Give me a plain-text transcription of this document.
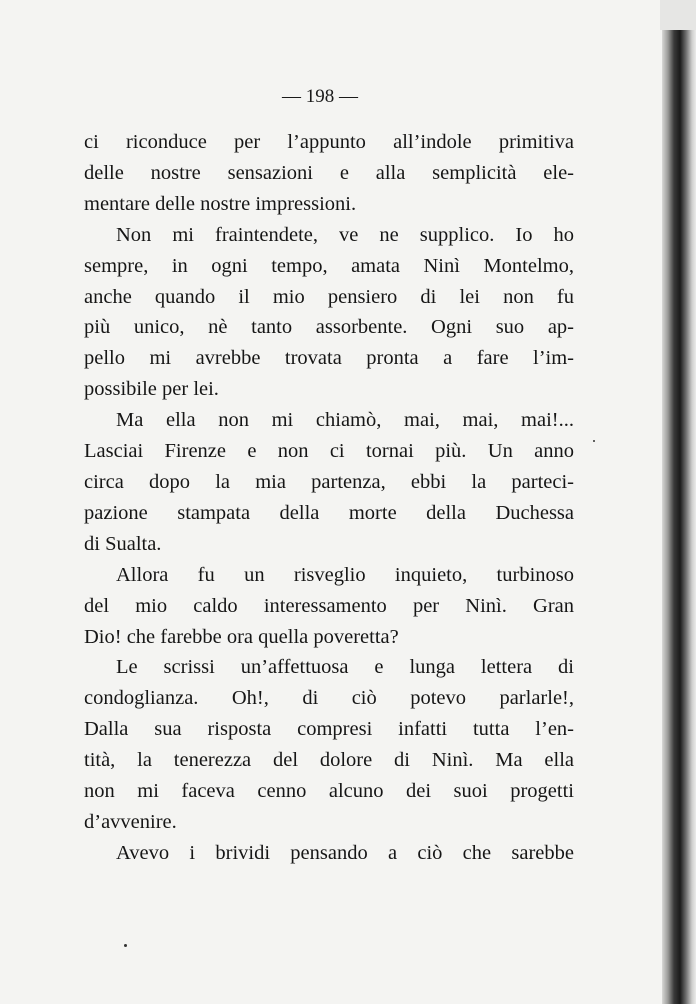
— 198 —
ci riconduce per l’appunto all’indole primitiva
delle nostre sensazioni e alla semplicità ele-
mentare delle nostre impressioni.
Non mi fraintendete, ve ne supplico. Io ho
sempre, in ogni tempo, amata Ninì Montelmo,
anche quando il mio pensiero di lei non fu
più unico, nè tanto assorbente. Ogni suo ap-
pello mi avrebbe trovata pronta a fare l’im-
possibile per lei.
Ma ella non mi chiamò, mai, mai, mai!...
Lasciai Firenze e non ci tornai più. Un anno
circa dopo la mia partenza, ebbi la parteci-
pazione stampata della morte della Duchessa
di Sualta.
Allora fu un risveglio inquieto, turbinoso
del mio caldo interessamento per Ninì. Gran
Dio! che farebbe ora quella poveretta?
Le scrissi un’affettuosa e lunga lettera di
condoglianza. Oh!, di ciò potevo parlarle!,
Dalla sua risposta compresi infatti tutta l’en-
tità, la tenerezza del dolore di Ninì. Ma ella
non mi faceva cenno alcuno dei suoi progetti
d’avvenire.
Avevo i brividi pensando a ciò che sarebbe
